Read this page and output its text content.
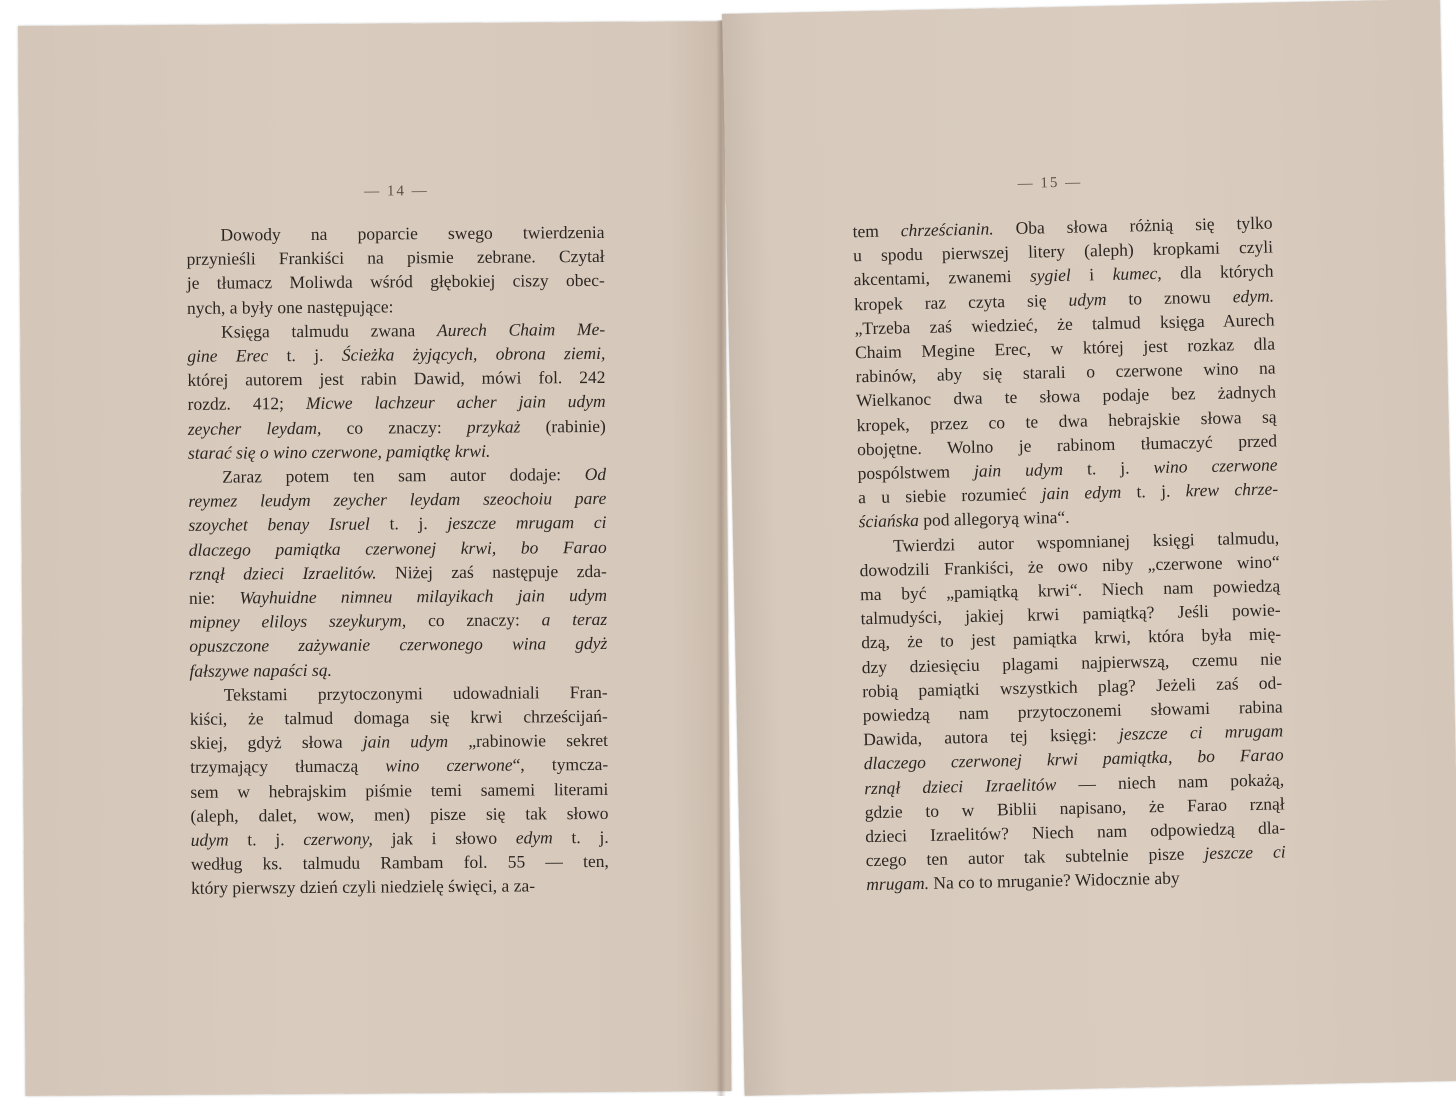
— 14 —

Dowody na poparcie swego twierdzenia
przynieśli Frankiści na pismie zebrane. Czytał
je tłumacz Moliwda wśród głębokiej ciszy obec-
nych, a były one następujące:

Księga talmudu zwana Aurech Chaim Me-
gine Erec t. j. Ścieżka żyjących, obrona ziemi,
której autorem jest rabin Dawid, mówi fol. 242
rozdz. 412; Micwe lachzeur acher jain udym
zeycher leydam, co znaczy: przykaż (rabinie)
starać się o wino czerwone, pamiątkę krwi.

Zaraz potem ten sam autor dodaje: Od
reymez leudym zeycher leydam szeochoiu pare
szoychet benay Isruel t. j. jeszcze mrugam ci
dlaczego pamiątka czerwonej krwi, bo Farao
rznął dzieci Izraelitów. Niżej zaś następuje zda-
nie: Wayhuidne nimneu milayikach jain udym
mipney eliloys szeykurym, co znaczy: a teraz
opuszczone zażywanie czerwonego wina gdyż
fałszywe napaści są.

Tekstami przytoczonymi udowadniali Fran-
kiści, że talmud domaga się krwi chrześcijań-
skiej, gdyż słowa jain udym „rabinowie sekret
trzymający tłumaczą wino czerwone“, tymcza-
sem w hebrajskim piśmie temi samemi literami
(aleph, dalet, wow, men) pisze się tak słowo
udym t. j. czerwony, jak i słowo edym t. j.
według ks. talmudu Rambam fol. 55 — ten,
który pierwszy dzień czyli niedzielę święci, a za-

— 15 —

tem chrześcianin. Oba słowa różnią się tylko
u spodu pierwszej litery (aleph) kropkami czyli
akcentami, zwanemi sygiel i kumec, dla których
kropek raz czyta się udym to znowu edym.
„Trzeba zaś wiedzieć, że talmud księga Aurech
Chaim Megine Erec, w której jest rozkaz dla
rabinów, aby się starali o czerwone wino na
Wielkanoc dwa te słowa podaje bez żadnych
kropek, przez co te dwa hebrajskie słowa są
obojętne. Wolno je rabinom tłumaczyć przed
pospólstwem jain udym t. j. wino czerwone
a u siebie rozumieć jain edym t. j. krew chrze-
ściańska pod allegoryą wina“.

Twierdzi autor wspomnianej księgi talmudu,
dowodzili Frankiści, że owo niby „czerwone wino“
ma być „pamiątką krwi“. Niech nam powiedzą
talmudyści, jakiej krwi pamiątką? Jeśli powie-
dzą, że to jest pamiątka krwi, która była mię-
dzy dziesięciu plagami najpierwszą, czemu nie
robią pamiątki wszystkich plag? Jeżeli zaś od-
powiedzą nam przytoczonemi słowami rabina
Dawida, autora tej księgi: jeszcze ci mrugam
dlaczego czerwonej krwi pamiątka, bo Farao
rznął dzieci Izraelitów — niech nam pokażą,
gdzie to w Biblii napisano, że Farao rznął
dzieci Izraelitów? Niech nam odpowiedzą dla-
czego ten autor tak subtelnie pisze jeszcze ci
mrugam. Na co to mruganie? Widocznie aby
